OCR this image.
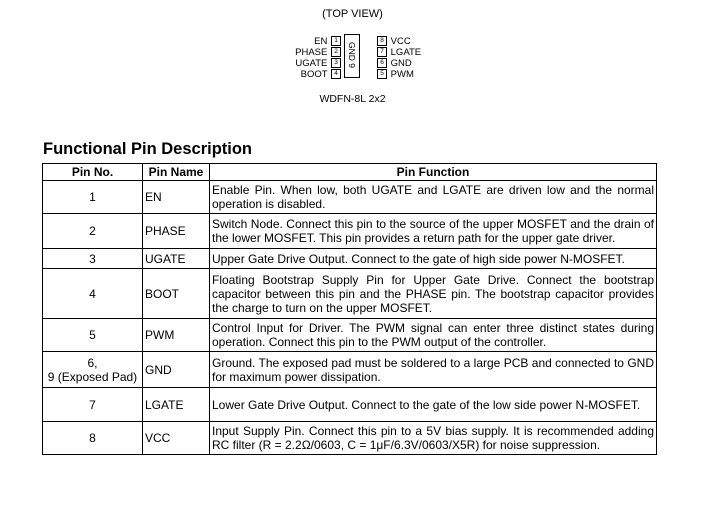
(TOP VIEW)
EN 1
PHASE 2
UGATE 3
BOOT 4
GND 9
8 VCC
7 LGATE
6 GND
5 PWM
WDFN-8L 2x2
Functional Pin Description
Pin No.	Pin Name	Pin Function
1	EN	Enable Pin. When low, both UGATE and LGATE are driven low and the normal operation is disabled.
2	PHASE	Switch Node. Connect this pin to the source of the upper MOSFET and the drain of the lower MOSFET. This pin provides a return path for the upper gate driver.
3	UGATE	Upper Gate Drive Output. Connect to the gate of high side power N-MOSFET.
4	BOOT	Floating Bootstrap Supply Pin for Upper Gate Drive. Connect the bootstrap capacitor between this pin and the PHASE pin. The bootstrap capacitor provides the charge to turn on the upper MOSFET.
5	PWM	Control Input for Driver. The PWM signal can enter three distinct states during operation. Connect this pin to the PWM output of the controller.

6,
9 (Exposed Pad)	GND	Ground. The exposed pad must be soldered to a large PCB and connected to GND for maximum power dissipation.
7	LGATE	Lower Gate Drive Output. Connect to the gate of the low side power N-MOSFET.
8	VCC	Input Supply Pin. Connect this pin to a 5V bias supply. It is recommended adding RC filter (R = 2.2Ω/0603, C = 1μF/6.3V/0603/X5R) for noise suppression.
